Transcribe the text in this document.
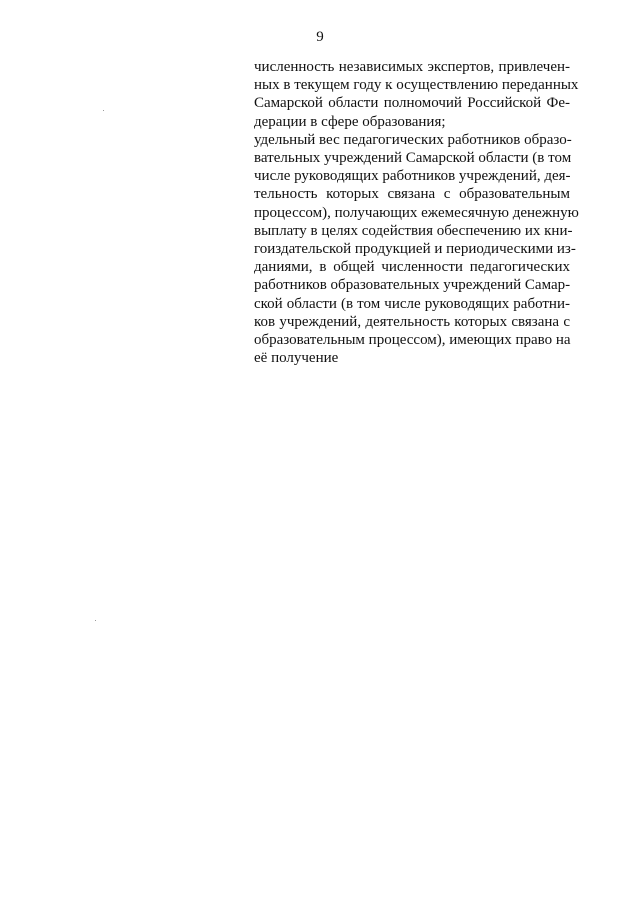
9
численность независимых экспертов, привлечен-
ных в текущем году к осуществлению переданных
Самарской области полномочий Российской Фе-
дерации в сфере образования;
удельный вес педагогических работников образо-
вательных учреждений Самарской области (в том
числе руководящих работников учреждений, дея-
тельность которых связана с образовательным
процессом), получающих ежемесячную денежную
выплату в целях содействия обеспечению их кни-
гоиздательской продукцией и периодическими из-
даниями, в общей численности педагогических
работников образовательных учреждений Самар-
ской области (в том числе руководящих работни-
ков учреждений, деятельность которых связана с
образовательным процессом), имеющих право на
её получение
